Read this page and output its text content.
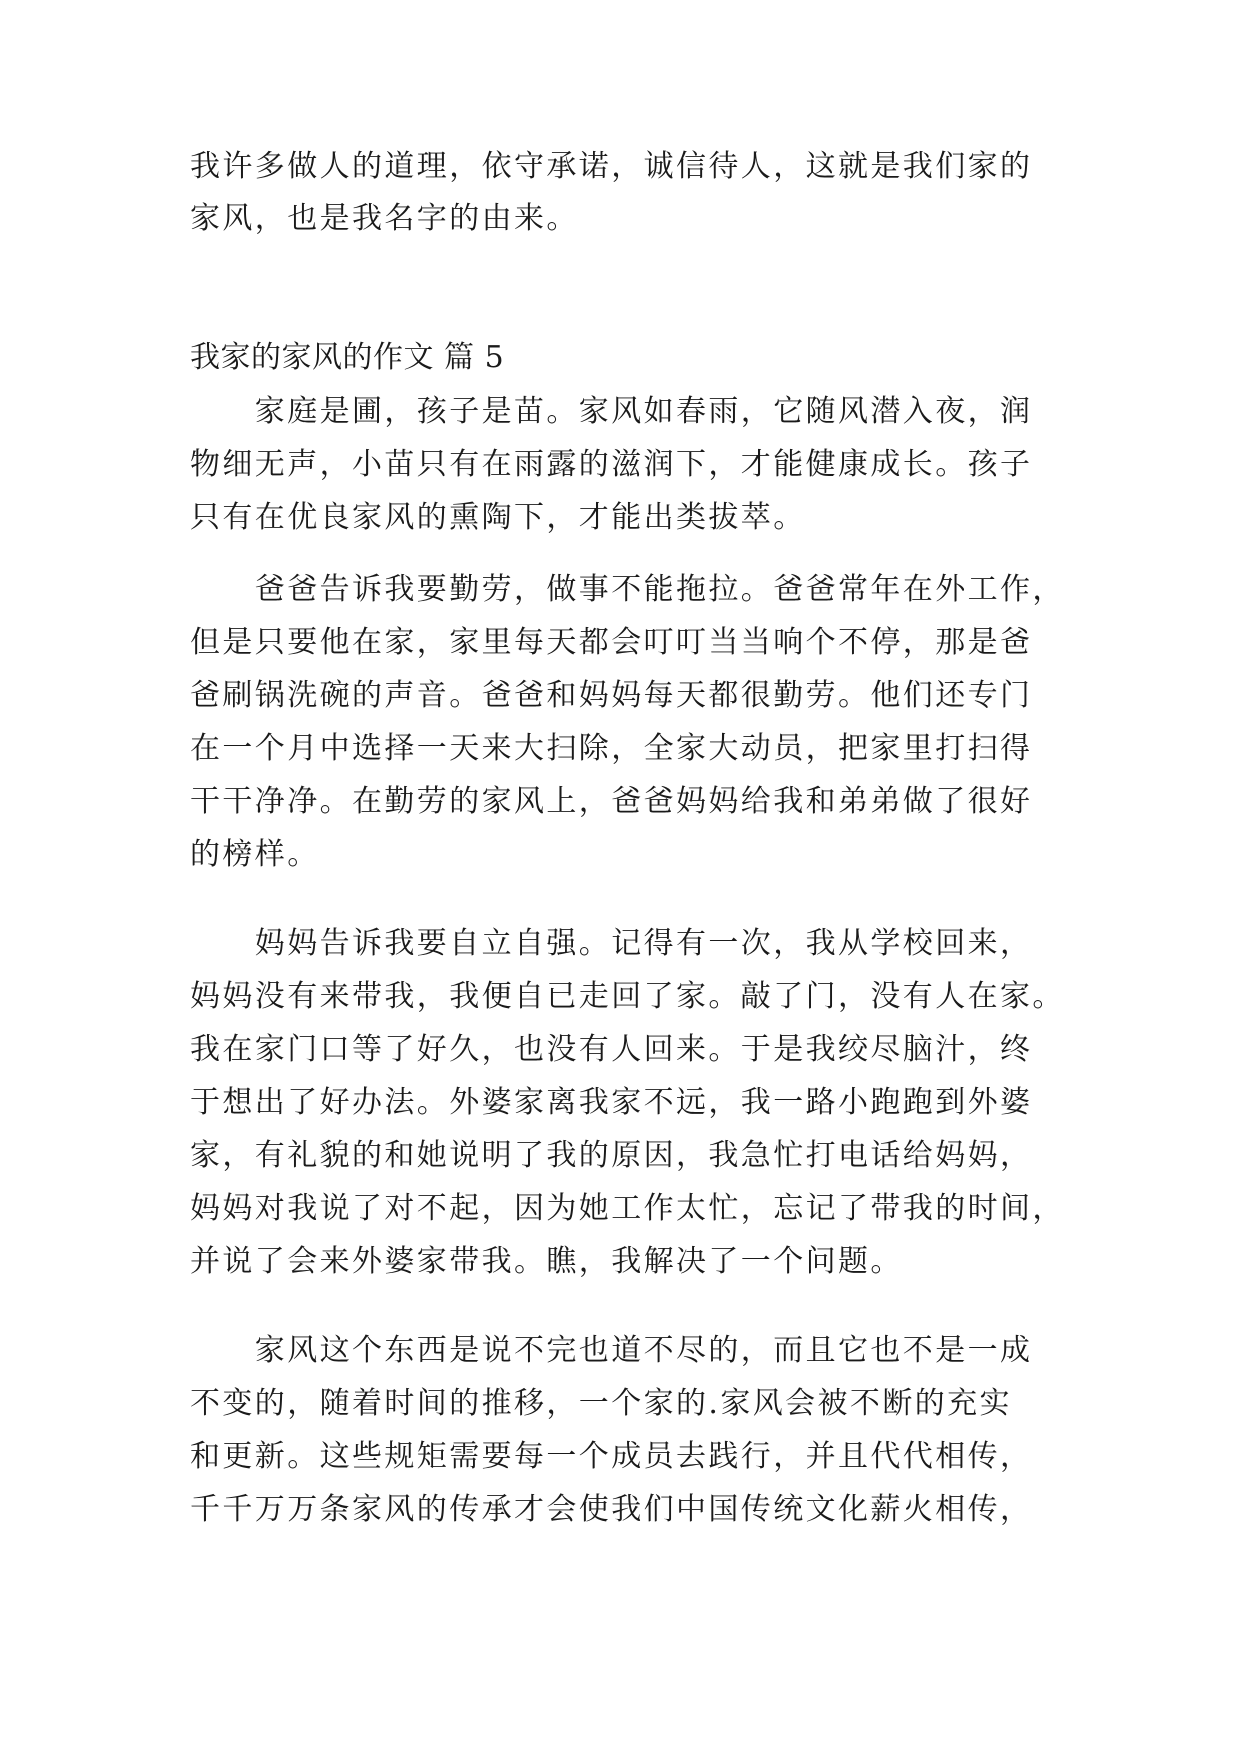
我许多做人的道理，依守承诺，诚信待人，这就是我们家的
家风，也是我名字的由来。
我家的家风的作文 篇 5
　　家庭是圃，孩子是苗。家风如春雨，它随风潜入夜，润
物细无声，小苗只有在雨露的滋润下，才能健康成长。孩子
只有在优良家风的熏陶下，才能出类拔萃。
　　爸爸告诉我要勤劳，做事不能拖拉。爸爸常年在外工作，
但是只要他在家，家里每天都会叮叮当当响个不停，那是爸
爸刷锅洗碗的声音。爸爸和妈妈每天都很勤劳。他们还专门
在一个月中选择一天来大扫除，全家大动员，把家里打扫得
干干净净。在勤劳的家风上，爸爸妈妈给我和弟弟做了很好
的榜样。
　　妈妈告诉我要自立自强。记得有一次，我从学校回来，
妈妈没有来带我，我便自已走回了家。敲了门，没有人在家。
我在家门口等了好久，也没有人回来。于是我绞尽脑汁，终
于想出了好办法。外婆家离我家不远，我一路小跑跑到外婆
家，有礼貌的和她说明了我的原因，我急忙打电话给妈妈，
妈妈对我说了对不起，因为她工作太忙，忘记了带我的时间，
并说了会来外婆家带我。瞧，我解决了一个问题。
　　家风这个东西是说不完也道不尽的，而且它也不是一成
不变的，随着时间的推移，一个家的.家风会被不断的充实
和更新。这些规矩需要每一个成员去践行，并且代代相传，
千千万万条家风的传承才会使我们中国传统文化薪火相传，
